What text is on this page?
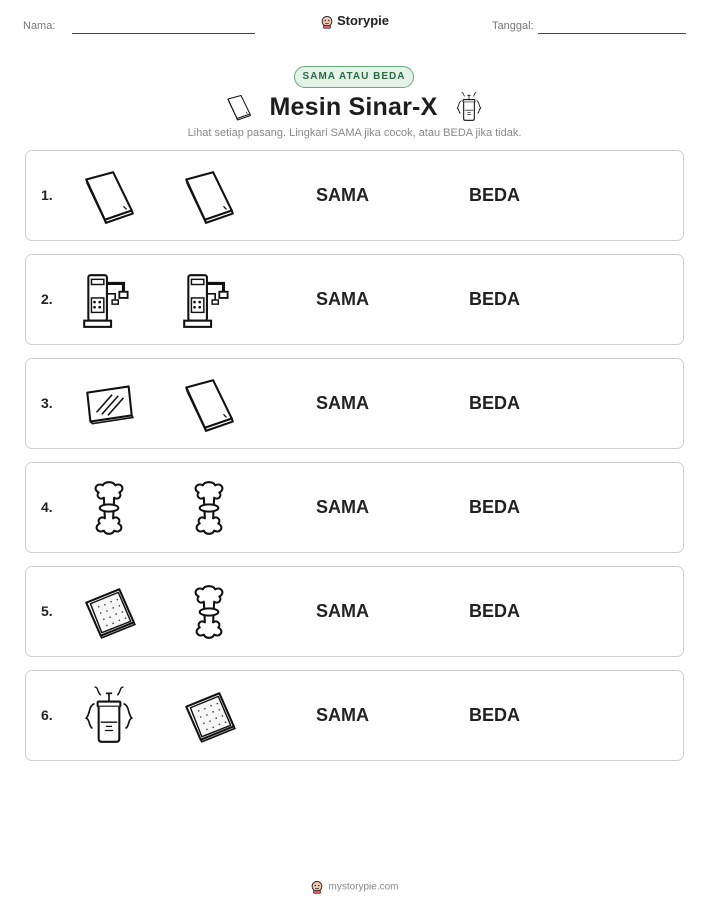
Nama:	Storypie	Tanggal:
SAMA ATAU BEDA
Mesin Sinar-X
Lihat setiap pasang. Lingkari SAMA jika cocok, atau BEDA jika tidak.
1.	SAMA	BEDA
2.	SAMA	BEDA
3.	SAMA	BEDA
4.	SAMA	BEDA
5.	SAMA	BEDA
6.	SAMA	BEDA
mystorypie.com
